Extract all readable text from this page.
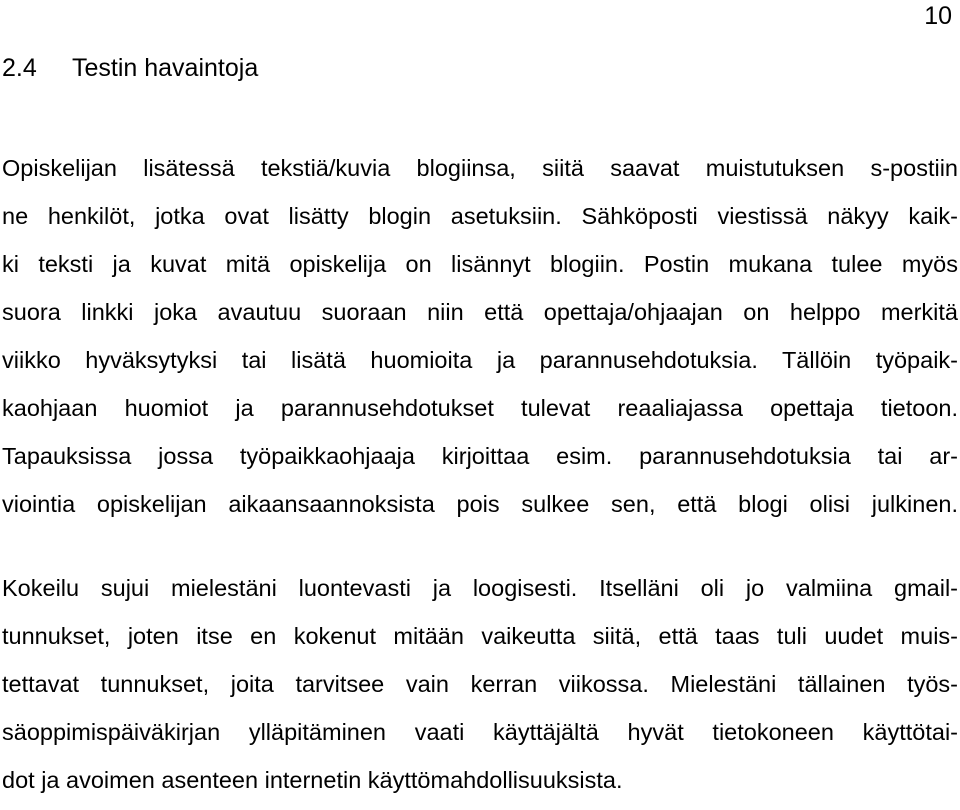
10
2.4 Testin havaintoja
Opiskelijan lisätessä tekstiä/kuvia blogiinsa, siitä saavat muistutuksen s-postiin
ne henkilöt, jotka ovat lisätty blogin asetuksiin. Sähköposti viestissä näkyy kaik-
ki teksti ja kuvat mitä opiskelija on lisännyt blogiin. Postin mukana tulee myös
suora linkki joka avautuu suoraan niin että opettaja/ohjaajan on helppo merkitä
viikko hyväksytyksi tai lisätä huomioita ja parannusehdotuksia. Tällöin työpaik-
kaohjaan huomiot ja parannusehdotukset tulevat reaaliajassa opettaja tietoon.
Tapauksissa jossa työpaikkaohjaaja kirjoittaa esim. parannusehdotuksia tai ar-
viointia opiskelijan aikaansaannoksista pois sulkee sen, että blogi olisi julkinen.
Kokeilu sujui mielestäni luontevasti ja loogisesti. Itselläni oli jo valmiina gmail-
tunnukset, joten itse en kokenut mitään vaikeutta siitä, että taas tuli uudet muis-
tettavat tunnukset, joita tarvitsee vain kerran viikossa. Mielestäni tällainen työs-
säoppimispäiväkirjan ylläpitäminen vaati käyttäjältä hyvät tietokoneen käyttötai-
dot ja avoimen asenteen internetin käyttömahdollisuuksista.
